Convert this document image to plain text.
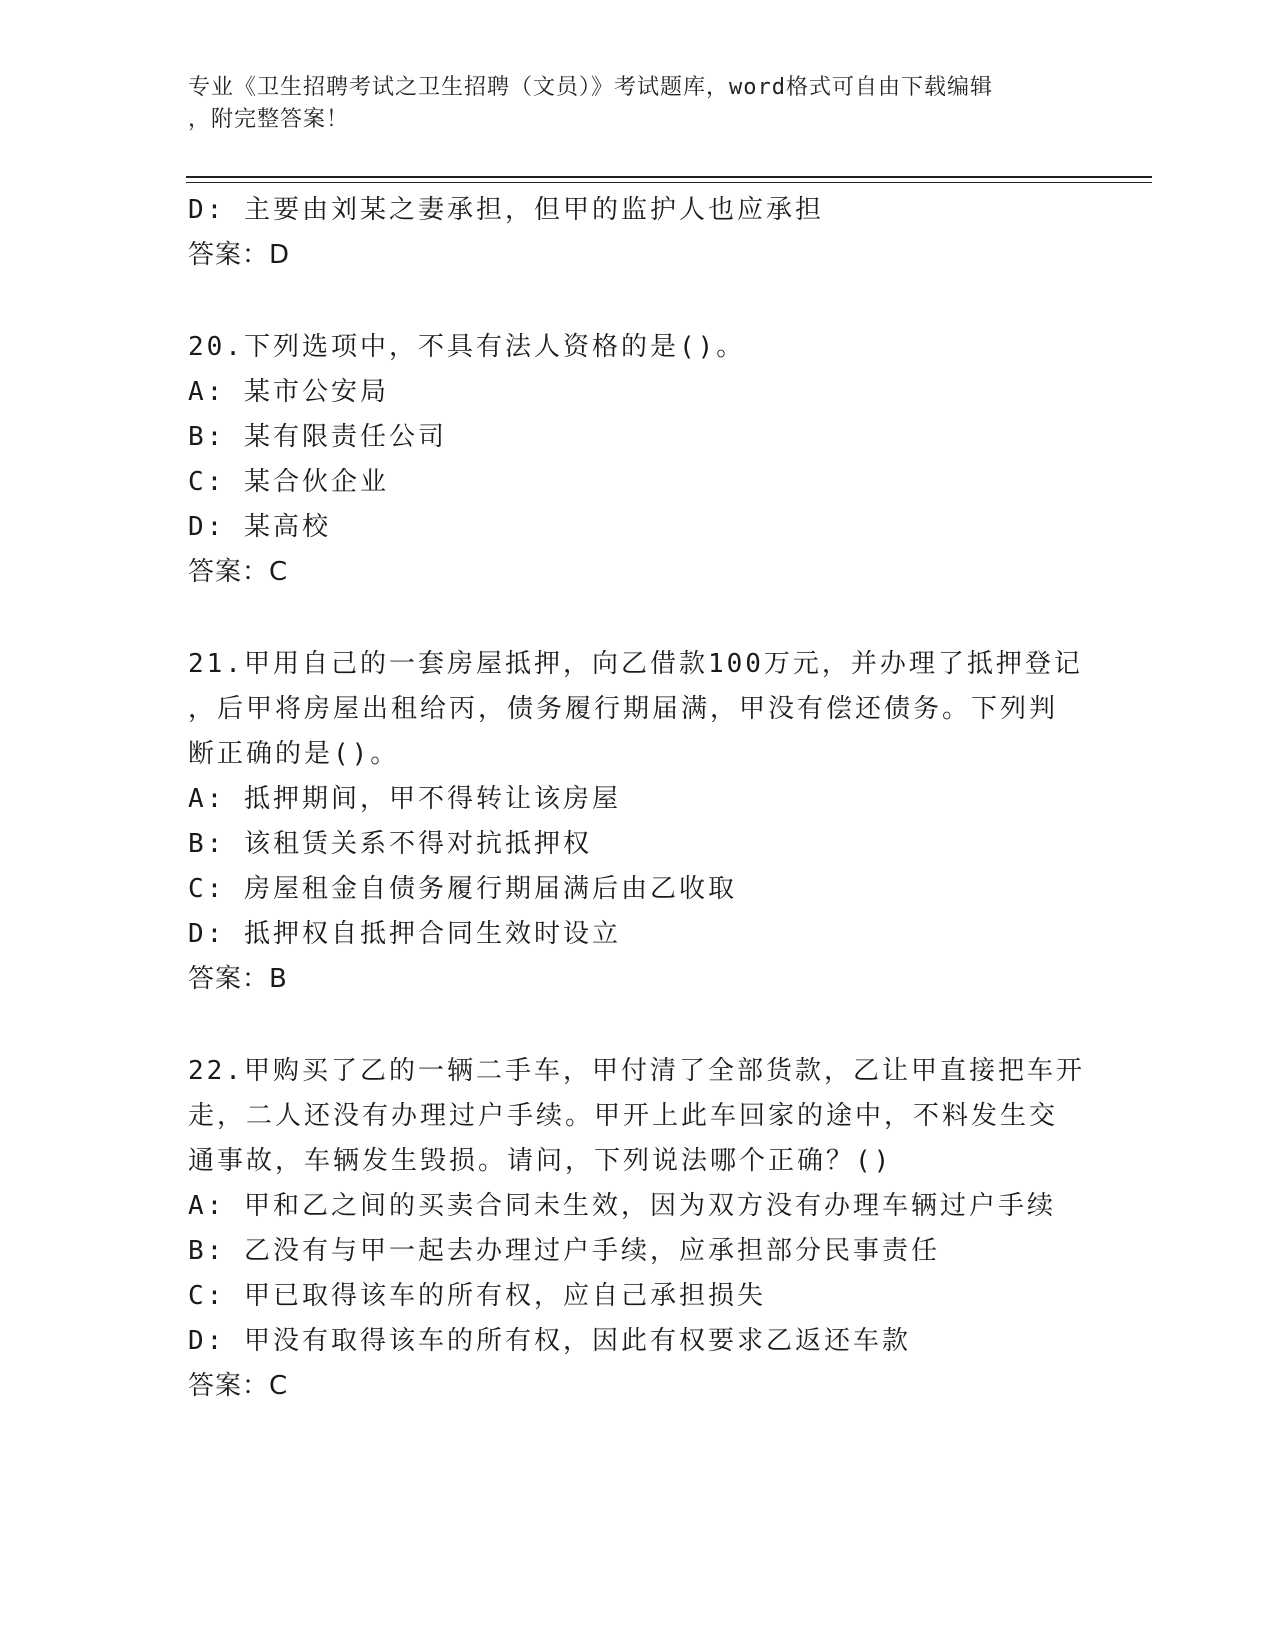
专业《卫生招聘考试之卫生招聘（文员）》考试题库，word格式可自由下载编辑
，附完整答案！
D: 主要由刘某之妻承担，但甲的监护人也应承担
答案：D
20.下列选项中，不具有法人资格的是()。
A: 某市公安局
B: 某有限责任公司
C: 某合伙企业
D: 某高校
答案：C
21.甲用自己的一套房屋抵押，向乙借款100万元，并办理了抵押登记
，后甲将房屋出租给丙，债务履行期届满，甲没有偿还债务。下列判
断正确的是()。
A: 抵押期间，甲不得转让该房屋
B: 该租赁关系不得对抗抵押权
C: 房屋租金自债务履行期届满后由乙收取
D: 抵押权自抵押合同生效时设立
答案：B
22.甲购买了乙的一辆二手车，甲付清了全部货款，乙让甲直接把车开
走，二人还没有办理过户手续。甲开上此车回家的途中，不料发生交
通事故，车辆发生毁损。请问，下列说法哪个正确？()
A: 甲和乙之间的买卖合同未生效，因为双方没有办理车辆过户手续
B: 乙没有与甲一起去办理过户手续，应承担部分民事责任
C: 甲已取得该车的所有权，应自己承担损失
D: 甲没有取得该车的所有权，因此有权要求乙返还车款
答案：C
